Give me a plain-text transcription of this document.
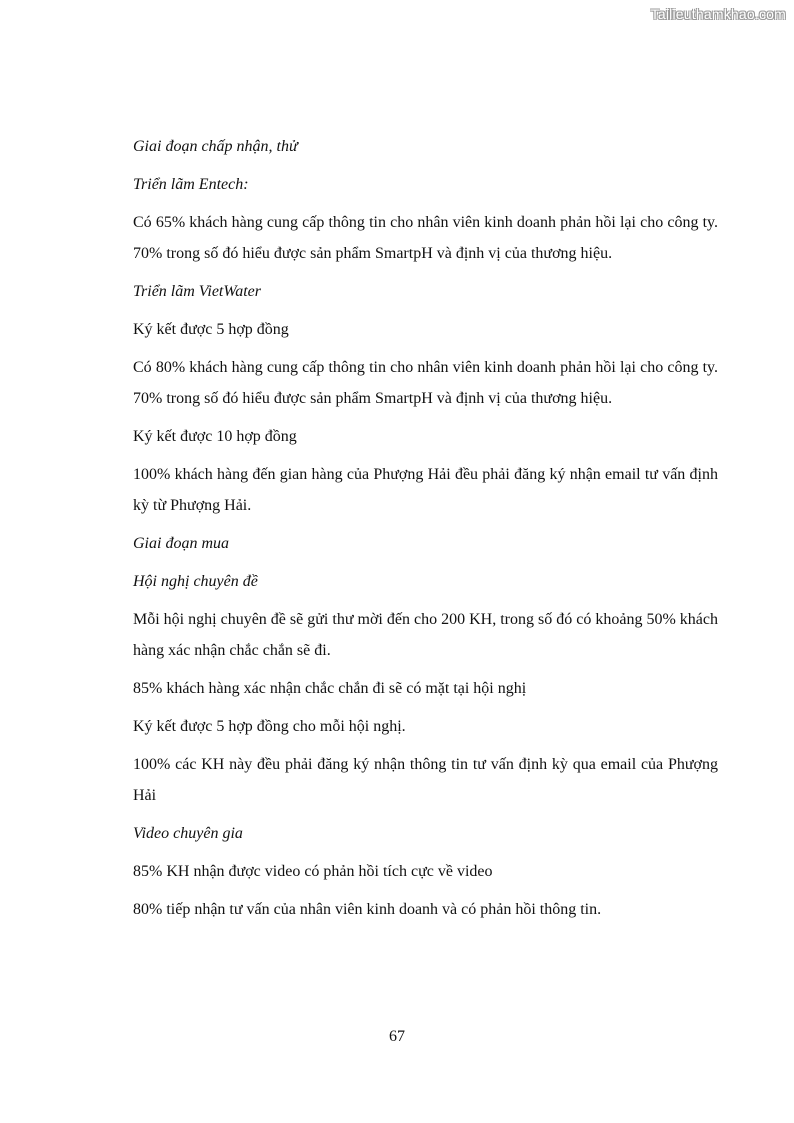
Tailieuthamkhao.com

Giai đoạn chấp nhận, thử

Triển lãm Entech:

Có 65% khách hàng cung cấp thông tin cho nhân viên kinh doanh phản hồi lại cho công ty. 70% trong số đó hiểu được sản phẩm SmartpH và định vị của thương hiệu.

Triển lãm VietWater

Ký kết được 5 hợp đồng

Có 80% khách hàng cung cấp thông tin cho nhân viên kinh doanh phản hồi lại cho công ty. 70% trong số đó hiểu được sản phẩm SmartpH và định vị của thương hiệu.

Ký kết được 10 hợp đồng

100% khách hàng đến gian hàng của Phượng Hải đều phải đăng ký nhận email tư vấn định kỳ từ Phượng Hải.

Giai đoạn mua

Hội nghị chuyên đề

Mỗi hội nghị chuyên đề sẽ gửi thư mời đến cho 200 KH, trong số đó có khoảng 50% khách hàng xác nhận chắc chắn sẽ đi.

85% khách hàng xác nhận chắc chắn đi sẽ có mặt tại hội nghị

Ký kết được 5 hợp đồng cho mỗi hội nghị.

100% các KH này đều phải đăng ký nhận thông tin tư vấn định kỳ qua email của Phượng Hải

Video chuyên gia

85% KH nhận được video có phản hồi tích cực về video

80% tiếp nhận tư vấn của nhân viên kinh doanh và có phản hồi thông tin.

67
